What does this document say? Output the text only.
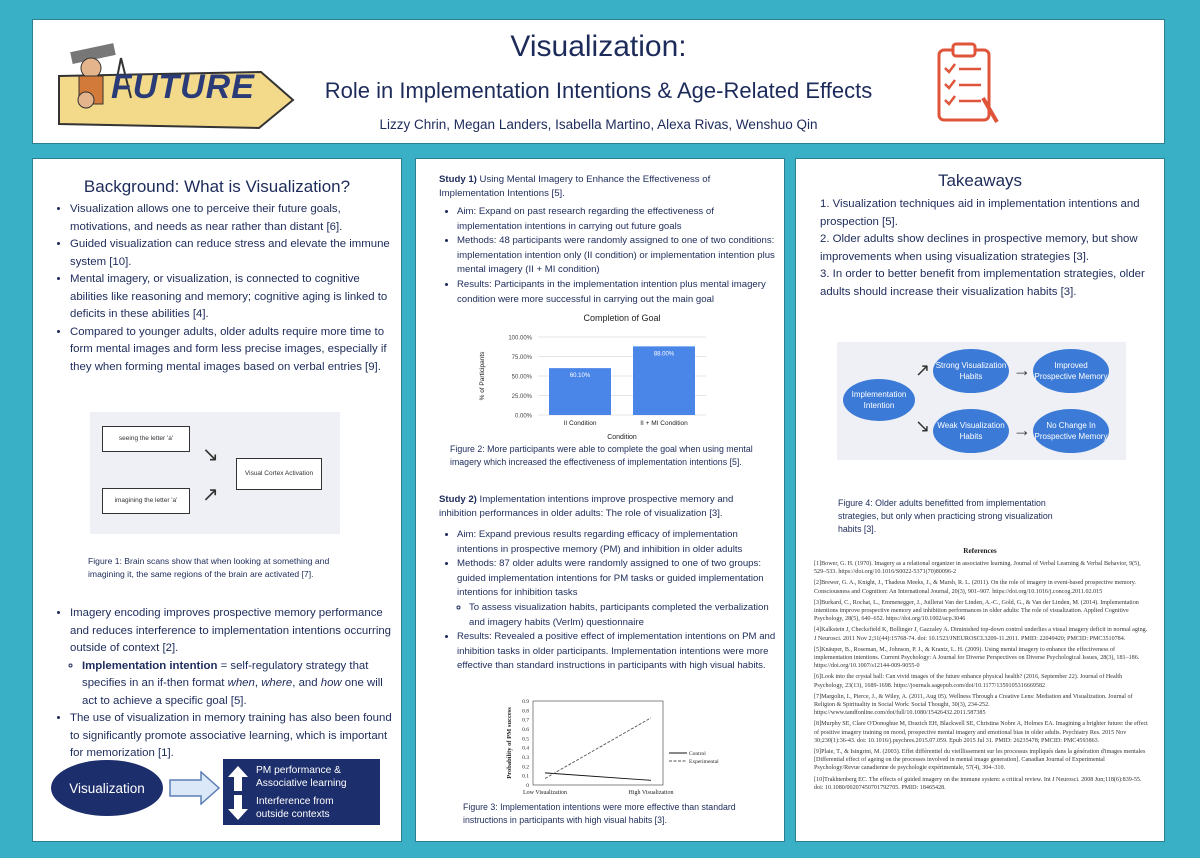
FUTURE
Visualization:
Role in Implementation Intentions & Age-Related Effects
Lizzy Chrin, Megan Landers, Isabella Martino, Alexa Rivas, Wenshuo Qin
Background: What is Visualization?
• Visualization allows one to perceive their future goals, motivations, and needs as near rather than distant [6].
• Guided visualization can reduce stress and elevate the immune system [10].
• Mental imagery, or visualization, is connected to cognitive abilities like reasoning and memory; cognitive aging is linked to deficits in these abilities [4].
• Compared to younger adults, older adults require more time to form mental images and form less precise images, especially if they when forming mental images based on verbal entries [9].
seeing the letter 'a'
imagining the letter 'a'
Visual Cortex Activation
↘
↗
Figure 1: Brain scans show that when looking at something and imagining it, the same regions of the brain are activated [7].
• Imagery encoding improves prospective memory performance and reduces interference to implementation intentions occurring outside of context [2].
◦ Implementation intention = self-regulatory strategy that specifies in an if-then format when, where, and how one will act to achieve a specific goal [5].
• The use of visualization in memory training has also been found to significantly promote associative learning, which is important for memorization [1].
Visualization
PM performance &
Associative learning
Interference from
outside contexts
Study 1) Using Mental Imagery to Enhance the Effectiveness of Implementation Intentions [5].
• Aim: Expand on past research regarding the effectiveness of implementation intentions in carrying out future goals
• Methods: 48 participants were randomly assigned to one of two conditions: implementation intention only (II condition) or implementation intention plus mental imagery (II + MI condition)
• Results: Participants in the implementation intention plus mental imagery condition were more successful in carrying out the main goal
Completion of Goal
0.00%
25.00%
50.00%
75.00%
100.00%
60.10%
II Condition
88.00%
II + MI Condition
Condition
% of Participants
Figure 2: More participants were able to complete the goal when using mental imagery which increased the effectiveness of implementation intentions [5].
Study 2) Implementation intentions improve prospective memory and inhibition performances in older adults: The role of visualization [3].
• Aim: Expand previous results regarding efficacy of implementation intentions in prospective memory (PM) and inhibition in older adults
• Methods: 87 older adults were randomly assigned to one of two groups: guided implementation intentions for PM tasks or guided implementation intentions for inhibition tasks
◦ To assess visualization habits, participants completed the verbalization and imagery habits (Verlm) questionnaire
• Results: Revealed a positive effect of implementation intentions on PM and inhibition tasks in older participants. Implementation intentions were more effective than standard instructions in participants with high visual habits.
0
0.1
0.2
0.3
0.4
0.5
0.6
0.7
0.8
0.9
Low Visualization	High Visualization
Control
Experimental
Probability of PM success
Figure 3: Implementation intentions were more effective than standard instructions in participants with high visual habits [3].
Takeaways
1. Visualization techniques aid in implementation intentions and prospection [5].
2. Older adults show declines in prospective memory, but show improvements when using visualization strategies [3].
3. In order to better benefit from implementation strategies, older adults should increase their visualization habits [3].
Implementation Intention
Strong Visualization Habits
Weak Visualization Habits
Improved Prospective Memory
No Change In Prospective Memory
↗
↘
→
→
Figure 4: Older adults benefitted from implementation strategies, but only when practicing strong visualization habits [3].
References

[1]Bower, G. H. (1970). Imagery as a relational organizer in associative learning. Journal of Verbal Learning & Verbal Behavior, 9(5), 529–533. https://doi.org/10.1016/S0022-5371(70)80096-2

[2]Brewer, G. A., Knight, J., Thadeus Meeks, J., & Marsh, R. L. (2011). On the role of imagery in event-based prospective memory. Consciousness and Cognition: An International Journal, 20(3), 901–907. https://doi.org/10.1016/j.concog.2011.02.015

[3]Burkard, C., Rochat, L., Emmenegger, J., Juillerat Van der Linden, A.-C., Gold, G., & Van der Linden, M. (2014). Implementation intentions improve prospective memory and inhibition performances in older adults: The role of visualization. Applied Cognitive Psychology, 28(5), 640–652. https://doi.org/10.1002/acp.3046

[4]Kalkstein J, Checksfield K, Bollinger J, Gazzaley A. Diminished top-down control underlies a visual imagery deficit in normal aging. J Neurosci. 2011 Nov 2;31(44):15768-74. doi: 10.1523/JNEUROSCI.3209-11.2011. PMID: 22049420; PMCID: PMC3510784.

[5]Knäuper, B., Roseman, M., Johnson, P. J., & Krantz, L. H. (2009). Using mental imagery to enhance the effectiveness of implementation intentions. Current Psychology: A Journal for Diverse Perspectives on Diverse Psychological Issues, 28(3), 181–186. https://doi.org/10.1007/s12144-009-9055-0

[6]Look into the crystal ball: Can vivid images of the future enhance physical health? (2016, September 22). Journal of Health Psychology, 23(13), 1689-1698. https://journals.sagepub.com/doi/10.1177/1359105316669582

[7]Margolin, I., Pierce, J., & Wiley, A. (2011, Aug 05). Wellness Through a Creative Lens: Mediation and Visualization. Journal of Religion & Spirituality in Social Work: Social Thought, 30(3), 234-252. https://www.tandfonline.com/doi/full/10.1080/15426432.2011.587385

[8]Murphy SE, Clare O'Donoghue M, Drazich EH, Blackwell SE, Christina Nobre A, Holmes EA. Imagining a brighter future: the effect of positive imagery training on mood, prospective mental imagery and emotional bias in older adults. Psychiatry Res. 2015 Nov 30;230(1):36-43. doi: 10.1016/j.psychres.2015.07.059. Epub 2015 Jul 31. PMID: 26235478; PMCID: PMC4593863.

[9]Plaie, T., & Isingrini, M. (2003). Effet différentiel du vieillissement sur les processus impliqués dans la génération d'images mentales [Differential effect of ageing on the processes involved in mental image generation]. Canadian Journal of Experimental Psychology/Revue canadienne de psychologie expérimentale, 57(4), 304–310.

[10]Trakhtenberg EC. The effects of guided imagery on the immune system: a critical review. Int J Neurosci. 2008 Jun;118(6):839-55. doi: 10.1080/00207450701792705. PMID: 18465428.
